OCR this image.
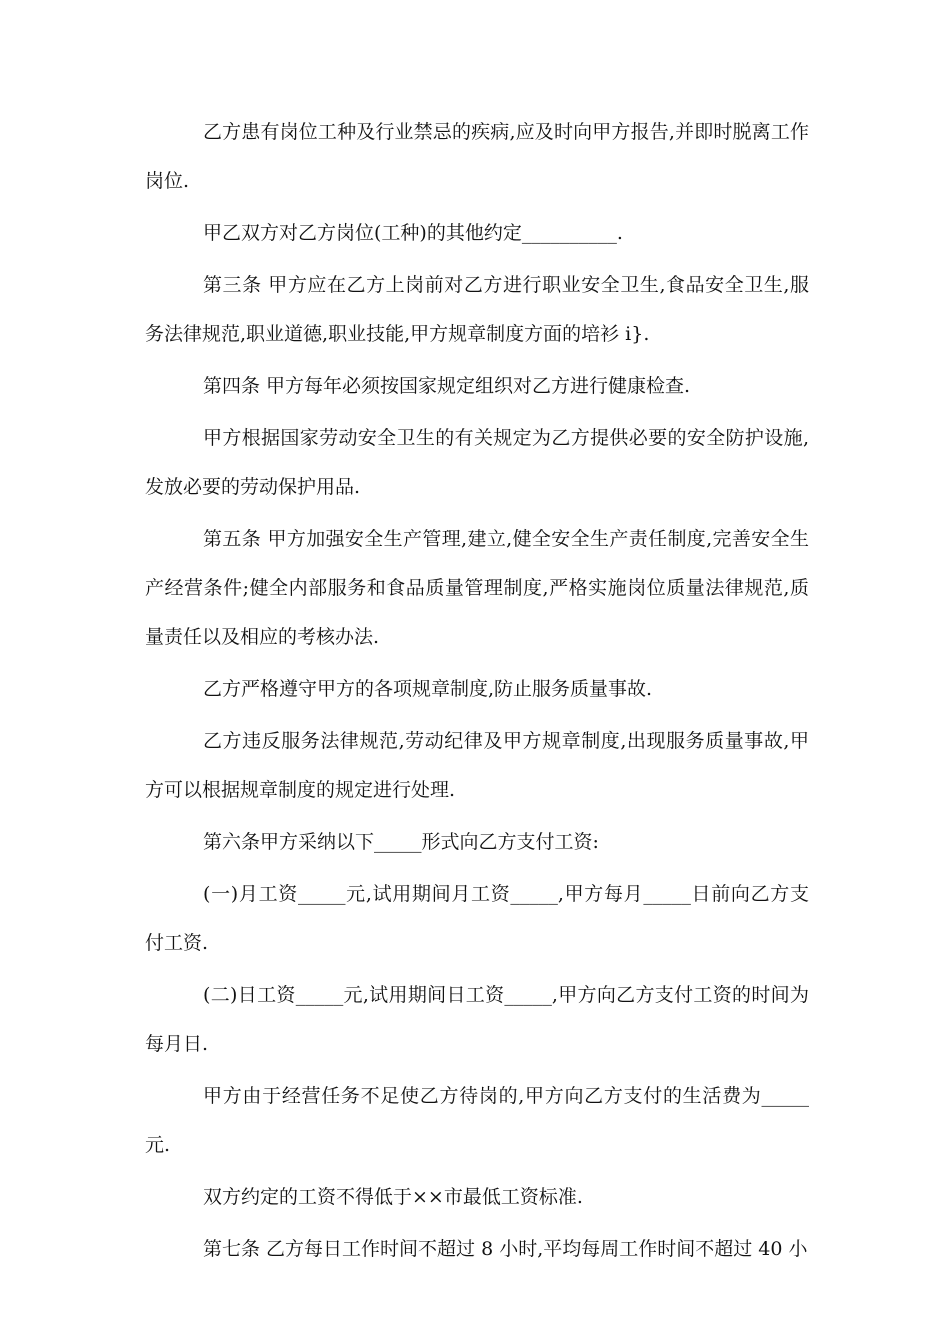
乙方患有岗位工种及行业禁忌的疾病,应及时向甲方报告,并即时脱离工作岗位.

甲乙双方对乙方岗位(工种)的其他约定__________.

第三条 甲方应在乙方上岗前对乙方进行职业安全卫生,食品安全卫生,服务法律规范,职业道德,职业技能,甲方规章制度方面的培衫 i}.

第四条 甲方每年必须按国家规定组织对乙方进行健康检查.

甲方根据国家劳动安全卫生的有关规定为乙方提供必要的安全防护设施,发放必要的劳动保护用品.

第五条 甲方加强安全生产管理,建立,健全安全生产责任制度,完善安全生产经营条件;健全内部服务和食品质量管理制度,严格实施岗位质量法律规范,质量责任以及相应的考核办法.

乙方严格遵守甲方的各项规章制度,防止服务质量事故.

乙方违反服务法律规范,劳动纪律及甲方规章制度,出现服务质量事故,甲方可以根据规章制度的规定进行处理.

第六条甲方采纳以下_____形式向乙方支付工资:

(一)月工资_____元,试用期间月工资_____,甲方每月_____日前向乙方支付工资.

(二)日工资_____元,试用期间日工资_____,甲方向乙方支付工资的时间为每月日.

甲方由于经营任务不足使乙方待岗的,甲方向乙方支付的生活费为_____元.

双方约定的工资不得低于××市最低工资标准.

第七条 乙方每日工作时间不超过 8 小时,平均每周工作时间不超过 40 小
